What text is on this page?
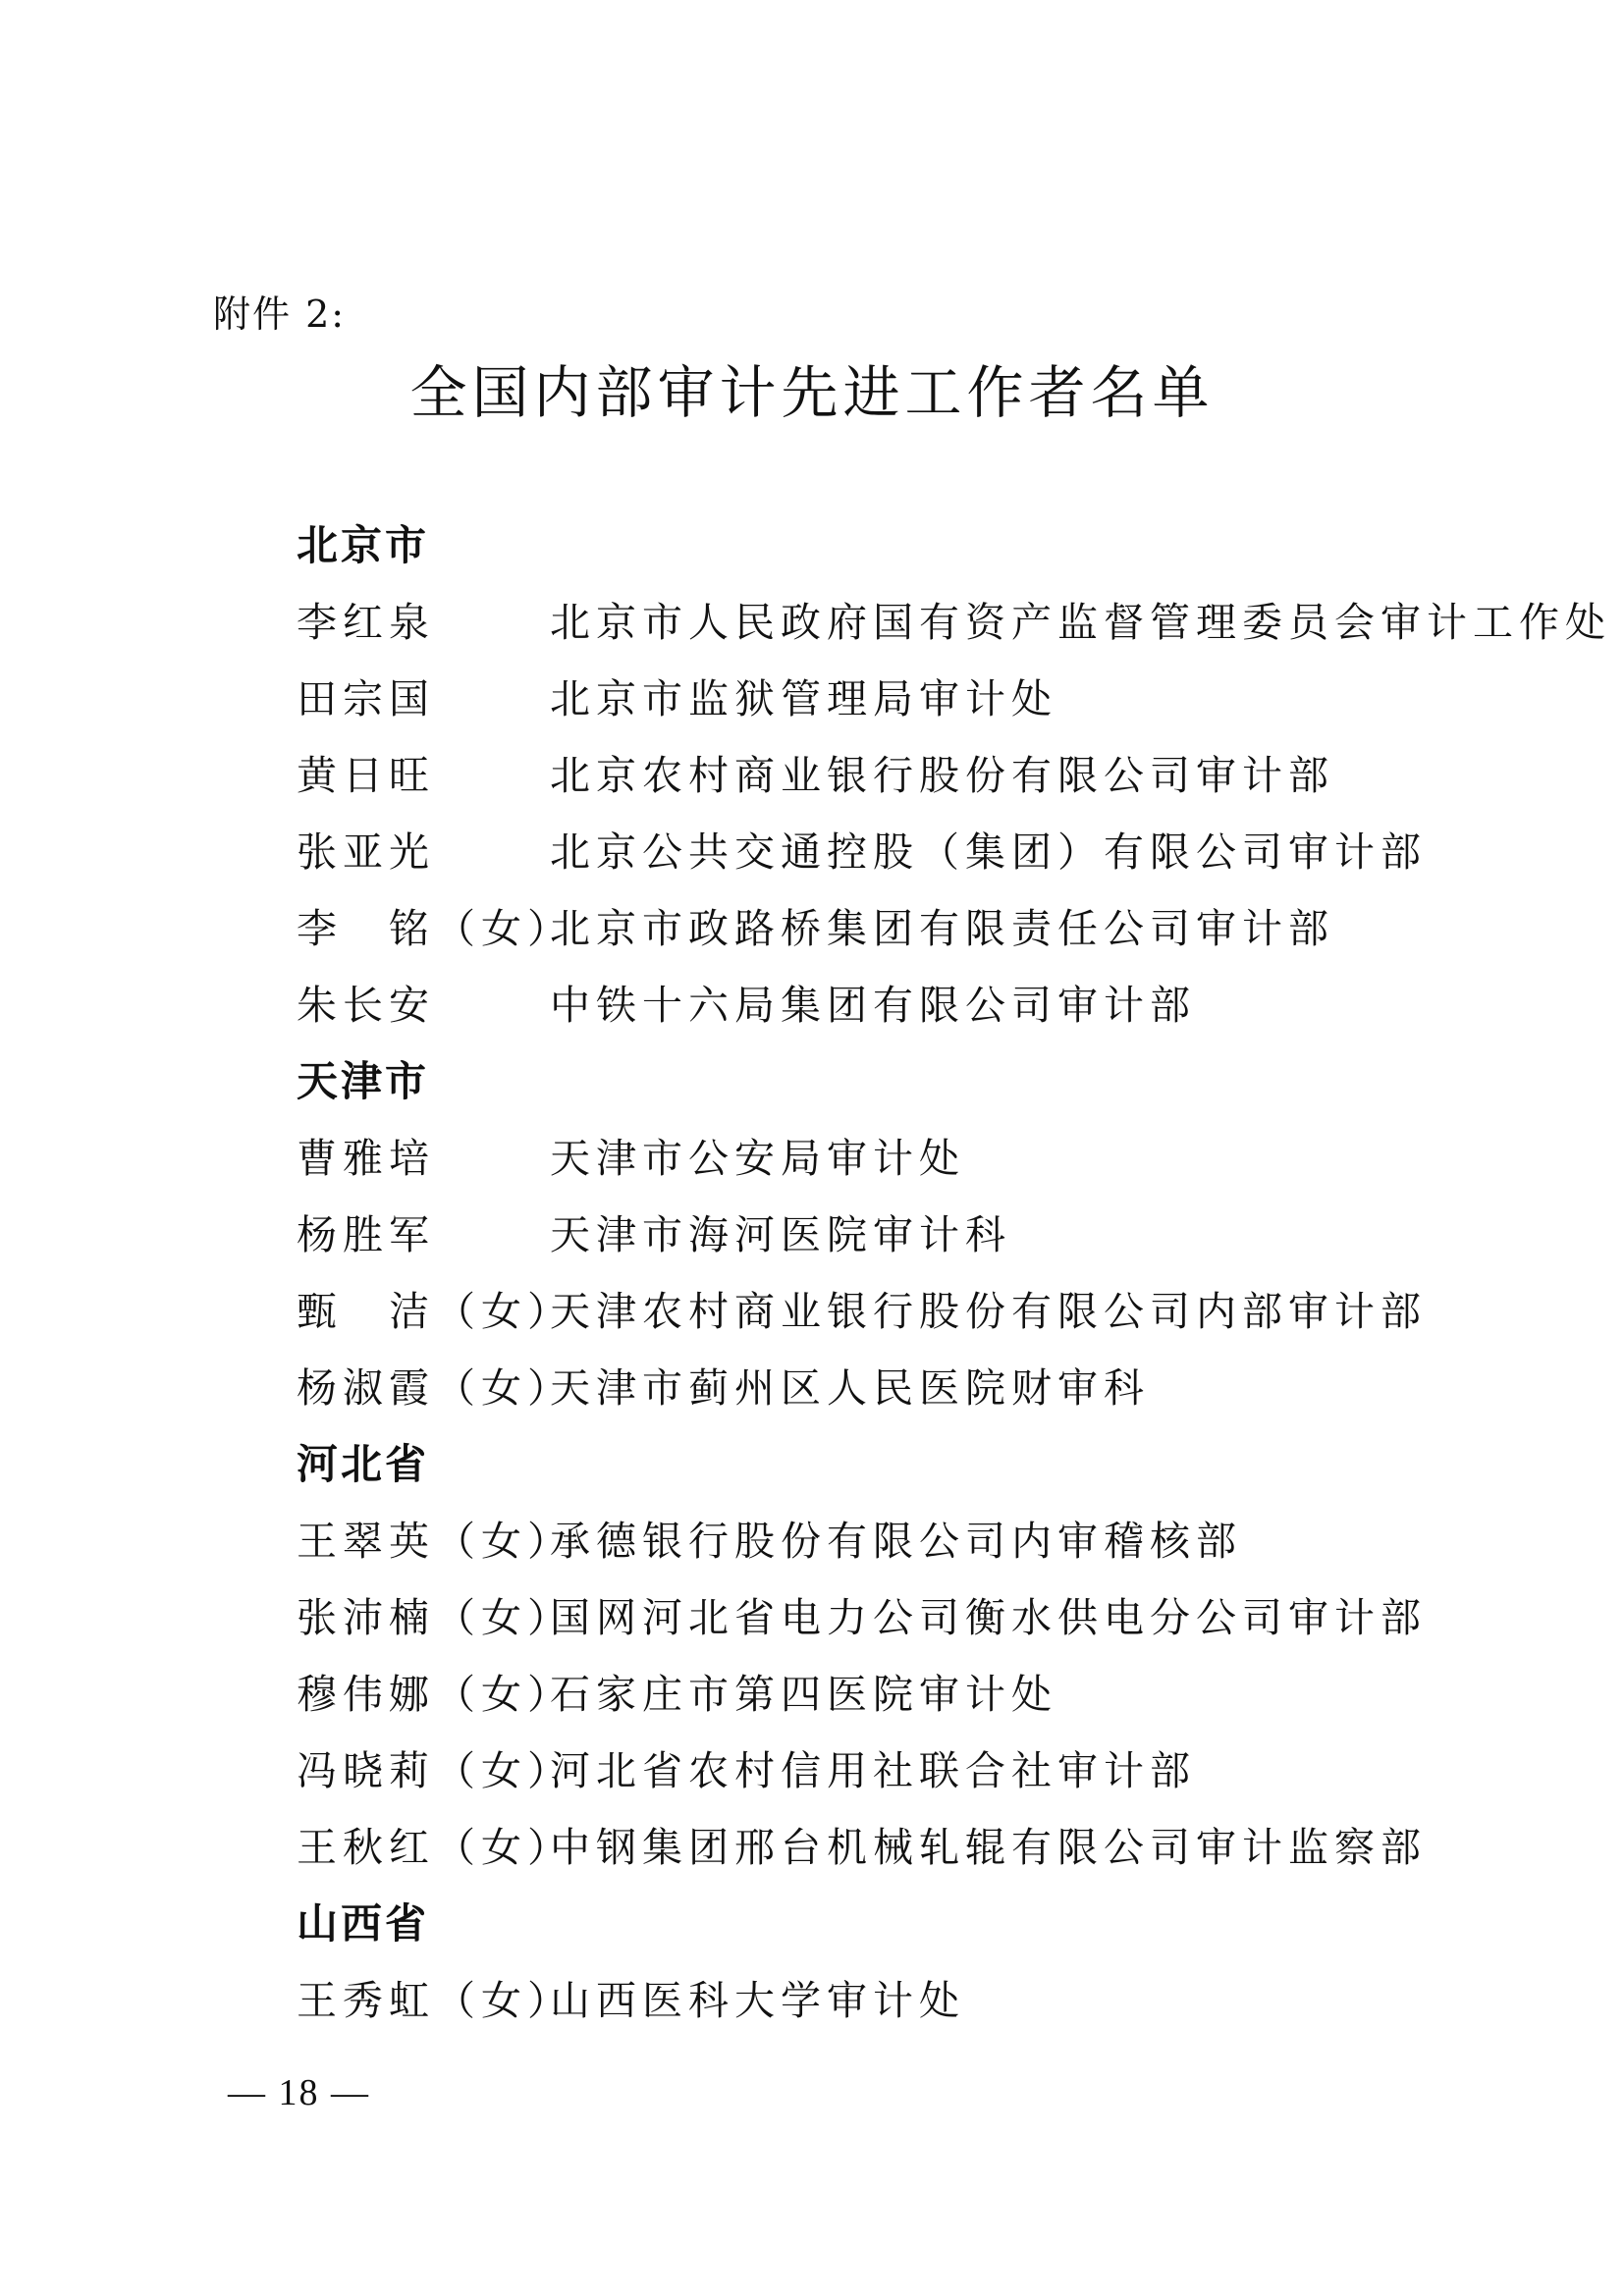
附件 2:
全国内部审计先进工作者名单
北京市
李红泉	北京市人民政府国有资产监督管理委员会审计工作处
田宗国	北京市监狱管理局审计处
黄日旺	北京农村商业银行股份有限公司审计部
张亚光	北京公共交通控股（集团）有限公司审计部
李　铭（女）北京市政路桥集团有限责任公司审计部
朱长安	中铁十六局集团有限公司审计部
天津市
曹雅培	天津市公安局审计处
杨胜军	天津市海河医院审计科
甄　洁（女）天津农村商业银行股份有限公司内部审计部
杨淑霞（女）天津市蓟州区人民医院财审科
河北省
王翠英（女）承德银行股份有限公司内审稽核部
张沛楠（女）国网河北省电力公司衡水供电分公司审计部
穆伟娜（女）石家庄市第四医院审计处
冯晓莉（女）河北省农村信用社联合社审计部
王秋红（女）中钢集团邢台机械轧辊有限公司审计监察部
山西省
王秀虹（女）山西医科大学审计处
— 18 —
